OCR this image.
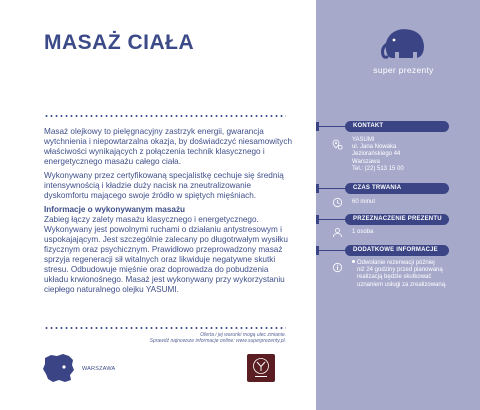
MASAŻ CIAŁA

Masaż olejkowy to pielęgnacyjny zastrzyk energii, gwarancja wytchnienia i niepowtarzalna okazja, by doświadczyć niesamowitych właściwości wynikających z połączenia technik klasycznego i energetycznego masażu całego ciała.

Wykonywany przez certyfikowaną specjalistkę cechuje się średnią intensywnością i kładzie duży nacisk na zneutralizowanie dyskomfortu mającego swoje źródło w spiętych mięśniach.

Informacje o wykonywanym masażu

Zabieg łączy zalety masażu klasycznego i energetycznego. Wykonywany jest powolnymi ruchami o działaniu antystresowym i uspokajającym. Jest szczególnie zalecany po długotrwałym wysiłku fizycznym oraz psychicznym. Prawidłowo przeprowadzony masaż sprzyja regeneracji sił witalnych oraz likwiduje negatywne skutki stresu. Odbudowuje mięśnie oraz doprowadza do pobudzenia układu krwionośnego. Masaż jest wykonywany przy wykorzystaniu ciepłego naturalnego olejku YASUMI.

Oferta i jej warunki mogą ulec zmianie.
Sprawdź najnowsze informacje online: www.superprezenty.pl.
WARSZAWA
super prezenty
KONTAKT
YASUMI
ul. Jana Nowaka
Jeziorańskiego 44
Warszawa
Tel.: (22) 513 15 00
CZAS TRWANIA
60 minut
PRZEZNACZENIE PREZENTU
1 osoba
DODATKOWE INFORMACJE
Odwołanie rezerwacji później
niż 24 godziny przed planowaną
realizacją będzie skutkować
uznaniem usługi za zrealizowaną.
